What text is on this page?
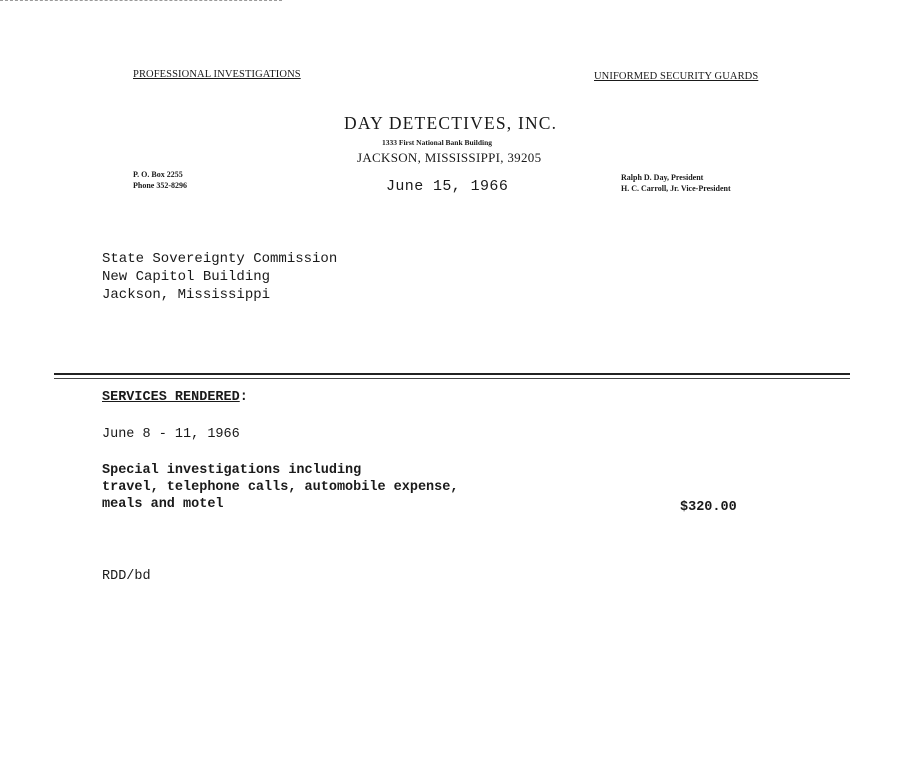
PROFESSIONAL INVESTIGATIONS	UNIFORMED SECURITY GUARDS
DAY DETECTIVES, INC.
1333 First National Bank Building
JACKSON, MISSISSIPPI, 39205
June 15, 1966
P. O. Box 2255
Phone 352-8296
Ralph D. Day, President
H. C. Carroll, Jr. Vice-President
State Sovereignty Commission
New Capitol Building
Jackson, Mississippi
SERVICES RENDERED:
June 8 - 11, 1966
Special investigations including
travel, telephone calls, automobile expense,
meals and motel	$320.00
RDD/bd
